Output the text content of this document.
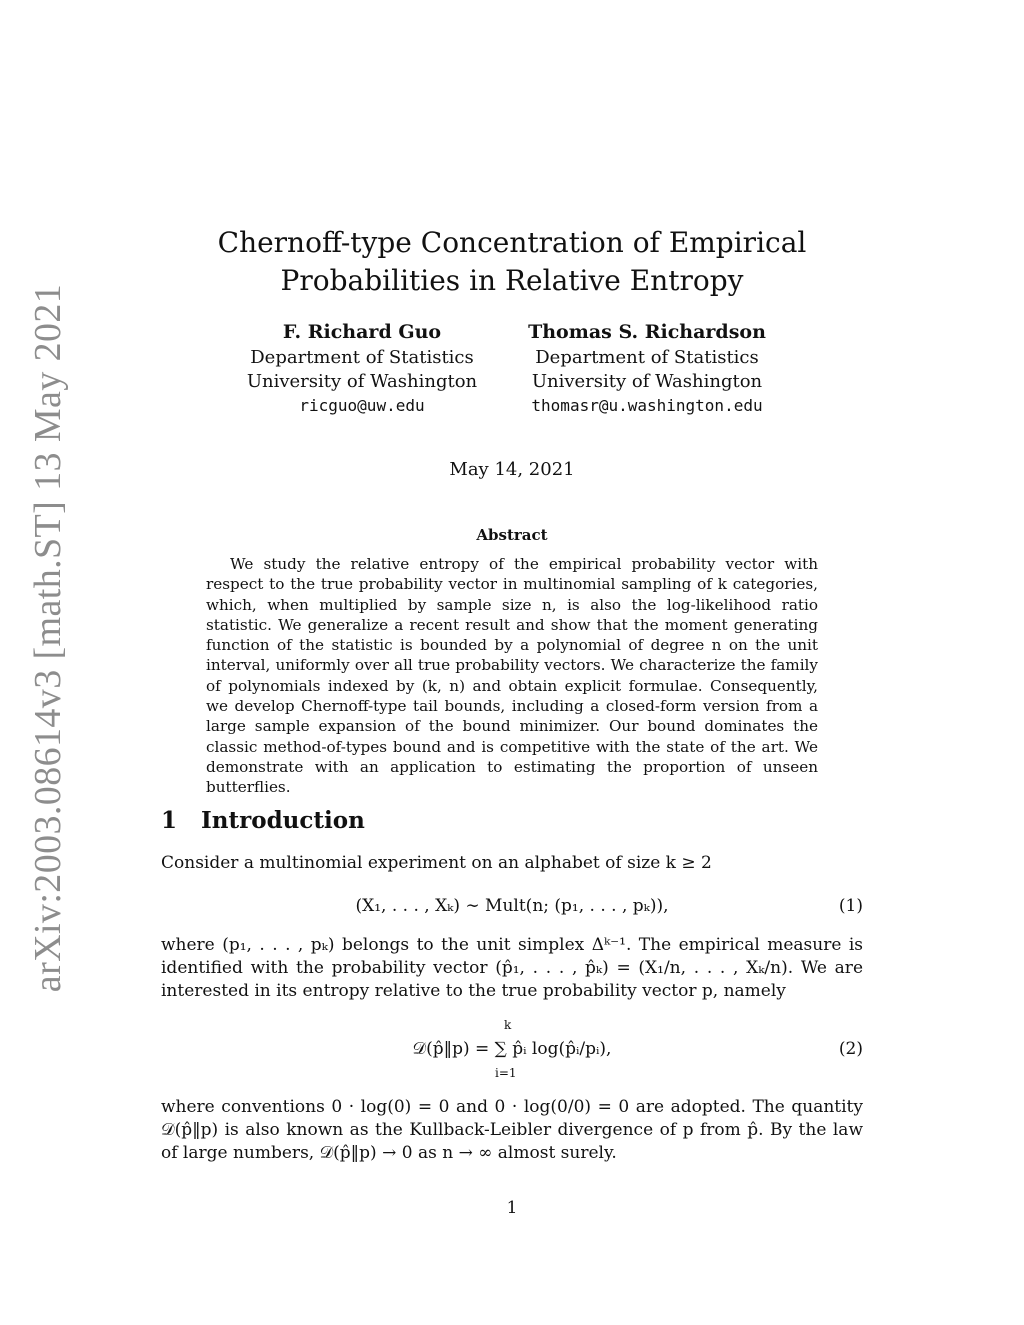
arXiv:2003.08614v3 [math.ST] 13 May 2021
Chernoff-type Concentration of Empirical Probabilities in Relative Entropy
F. Richard Guo
Department of Statistics
University of Washington
ricguo@uw.edu
Thomas S. Richardson
Department of Statistics
University of Washington
thomasr@u.washington.edu
May 14, 2021
Abstract

We study the relative entropy of the empirical probability vector with respect to the true probability vector in multinomial sampling of k categories, which, when multiplied by sample size n, is also the log-likelihood ratio statistic. We generalize a recent result and show that the moment generating function of the statistic is bounded by a polynomial of degree n on the unit interval, uniformly over all true probability vectors. We characterize the family of polynomials indexed by (k, n) and obtain explicit formulae. Consequently, we develop Chernoff-type tail bounds, including a closed-form version from a large sample expansion of the bound minimizer. Our bound dominates the classic method-of-types bound and is competitive with the state of the art. We demonstrate with an application to estimating the proportion of unseen butterflies.

1 Introduction

Consider a multinomial experiment on an alphabet of size k ≥ 2

(X₁, . . . , Xₖ) ∼ Mult(n; (p₁, . . . , pₖ)),	(1)

where (p₁, . . . , pₖ) belongs to the unit simplex Δᵏ⁻¹. The empirical measure is identified with the probability vector (p̂₁, . . . , p̂ₖ) = (X₁/n, . . . , Xₖ/n). We are interested in its entropy relative to the true probability vector p, namely

k
𝒟(p̂‖p) = ∑ p̂ᵢ log(p̂ᵢ/pᵢ),
i=1
(2)

where conventions 0 · log(0) = 0 and 0 · log(0/0) = 0 are adopted. The quantity 𝒟(p̂‖p) is also known as the Kullback-Leibler divergence of p from p̂. By the law of large numbers, 𝒟(p̂‖p) → 0 as n → ∞ almost surely.

1
